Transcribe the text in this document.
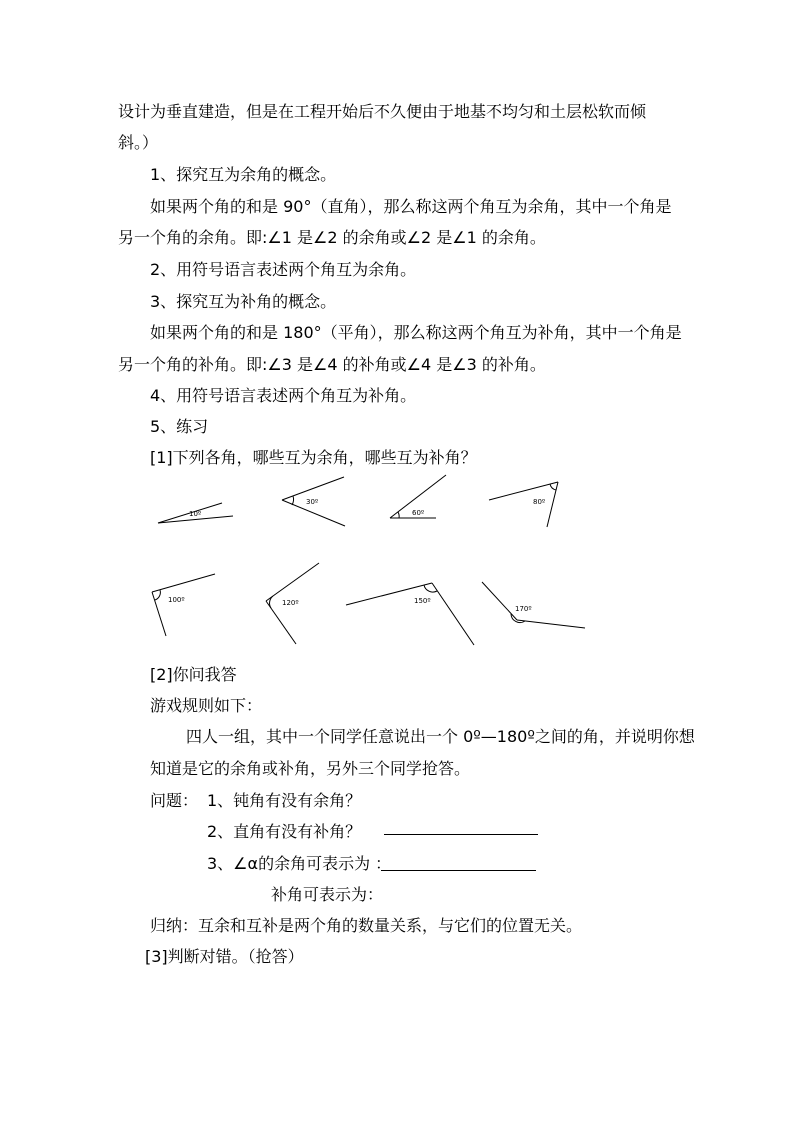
设计为垂直建造，但是在工程开始后不久便由于地基不均匀和土层松软而倾
斜。）
1、探究互为余角的概念。
如果两个角的和是 90°（直角），那么称这两个角互为余角，其中一个角是
另一个角的余角。即:∠1 是∠2 的余角或∠2 是∠1 的余角。
2、用符号语言表述两个角互为余角。
3、探究互为补角的概念。
如果两个角的和是 180°（平角），那么称这两个角互为补角，其中一个角是
另一个角的补角。即:∠3 是∠4 的补角或∠4 是∠3 的补角。
4、用符号语言表述两个角互为补角。
5、练习
[1]下列各角，哪些互为余角，哪些互为补角？
10º
30º
60º
80º
100º	120º	150º
170º
[2]你问我答
游戏规则如下：
四人一组，其中一个同学任意说出一个 0º—180º之间的角，并说明你想
知道是它的余角或补角，另外三个同学抢答。
问题： 1、钝角有没有余角？
2、直角有没有补角？
3、∠α的余角可表示为 ：
补角可表示为：
归纳：互余和互补是两个角的数量关系，与它们的位置无关。
[3]判断对错。（抢答）
